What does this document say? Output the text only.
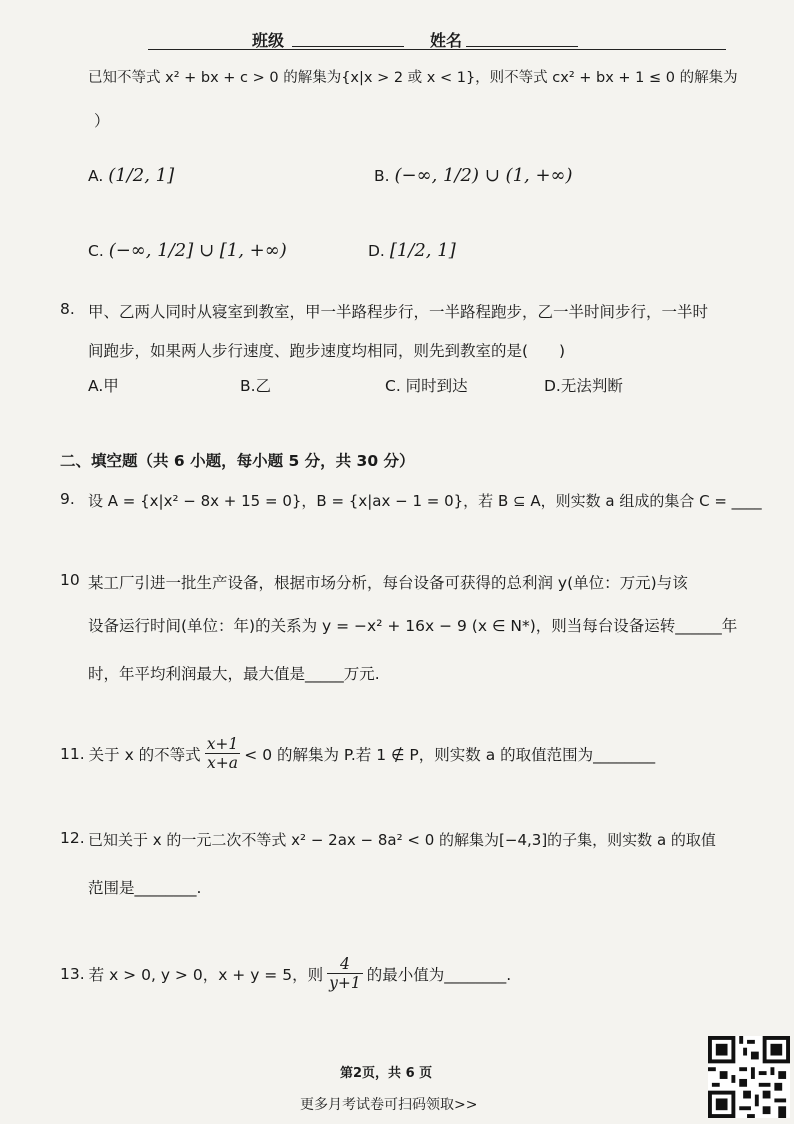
班级	姓名
已知不等式 x² + bx + c > 0 的解集为{x|x > 2 或 x < 1}，则不等式 cx² + bx + 1 ≤ 0 的解集为
）
A. (1/2, 1]	B. (−∞, 1/2) ∪ (1, +∞)
C. (−∞, 1/2] ∪ [1, +∞)	D. [1/2, 1]
8. 甲、乙两人同时从寝室到教室，甲一半路程步行，一半路程跑步，乙一半时间步行，一半时
间跑步，如果两人步行速度、跑步速度均相同，则先到教室的是(　　)
A.甲	B.乙	C. 同时到达	D.无法判断
二、填空题（共 6 小题，每小题 5 分，共 30 分）
9. 设 A = {x|x² − 8x + 15 = 0}，B = {x|ax − 1 = 0}，若 B ⊆ A，则实数 a 组成的集合 C = ____
10 某工厂引进一批生产设备，根据市场分析，每台设备可获得的总利润 y(单位：万元)与该
设备运行时间(单位：年)的关系为 y = −x² + 16x − 9 (x ∈ N*)，则当每台设备运转______年
时，年平均利润最大，最大值是_____万元.
11. 关于 x 的不等式 $\frac{x+1}{x+a} < 0$ 的解集为 P.若 1 ∉ P，则实数 a 的取值范围为________
12. 已知关于 x 的一元二次不等式 x² − 2ax − 8a² < 0 的解集为[−4,3]的子集，则实数 a 的取值
范围是________.
13. 若 x > 0, y > 0，x + y = 5，则 $\frac{4}{y+1}$ 的最小值为________.
第2页，共 6 页
更多月考试卷可扫码领取>>
